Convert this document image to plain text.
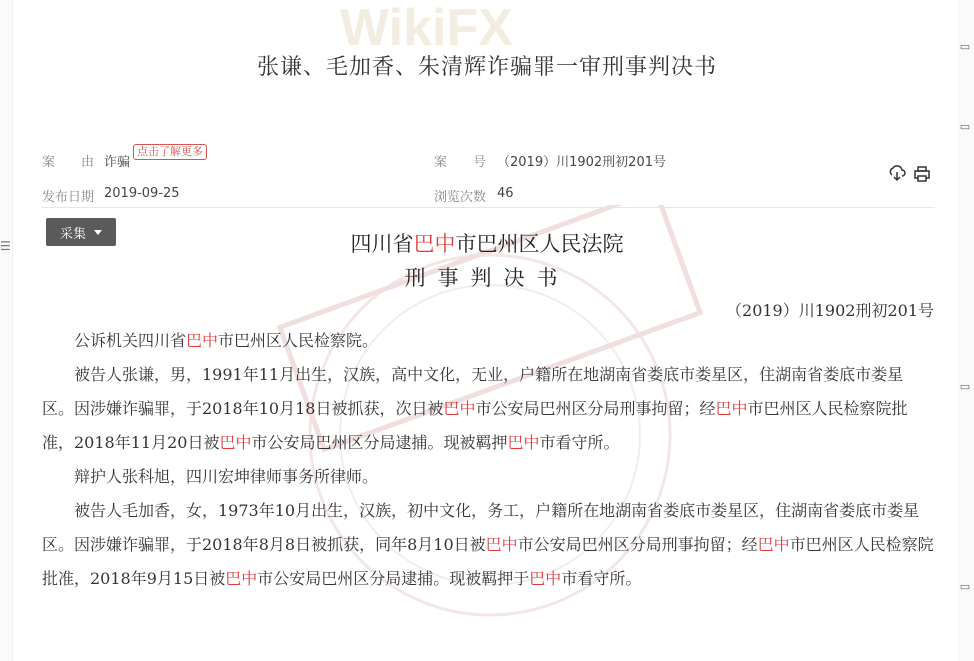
☰
▭
▭
▭
▭
WikiFX
张谦、毛加香、朱清辉诈骗罪一审刑事判决书
案　　由 诈骗
点击了解更多
案　　号 （2019）川1902刑初201号
发布日期 2019-09-25	浏览次数 46
采集	四川省巴中市巴州区人民法院
刑事判决书
（2019）川1902刑初201号

公诉机关四川省巴中市巴州区人民检察院。

被告人张谦，男，1991年11月出生，汉族，高中文化，无业，户籍所在地湖南省娄底市娄星区，住湖南省娄底市娄星区。因涉嫌诈骗罪，于2018年10月18日被抓获，次日被巴中市公安局巴州区分局刑事拘留；经巴中市巴州区人民检察院批准，2018年11月20日被巴中市公安局巴州区分局逮捕。现被羁押巴中市看守所。

辩护人张科旭，四川宏坤律师事务所律师。

被告人毛加香，女，1973年10月出生，汉族，初中文化，务工，户籍所在地湖南省娄底市娄星区，住湖南省娄底市娄星区。因涉嫌诈骗罪，于2018年8月8日被抓获，同年8月10日被巴中市公安局巴州区分局刑事拘留；经巴中市巴州区人民检察院批准，2018年9月15日被巴中市公安局巴州区分局逮捕。现被羁押于巴中市看守所。
